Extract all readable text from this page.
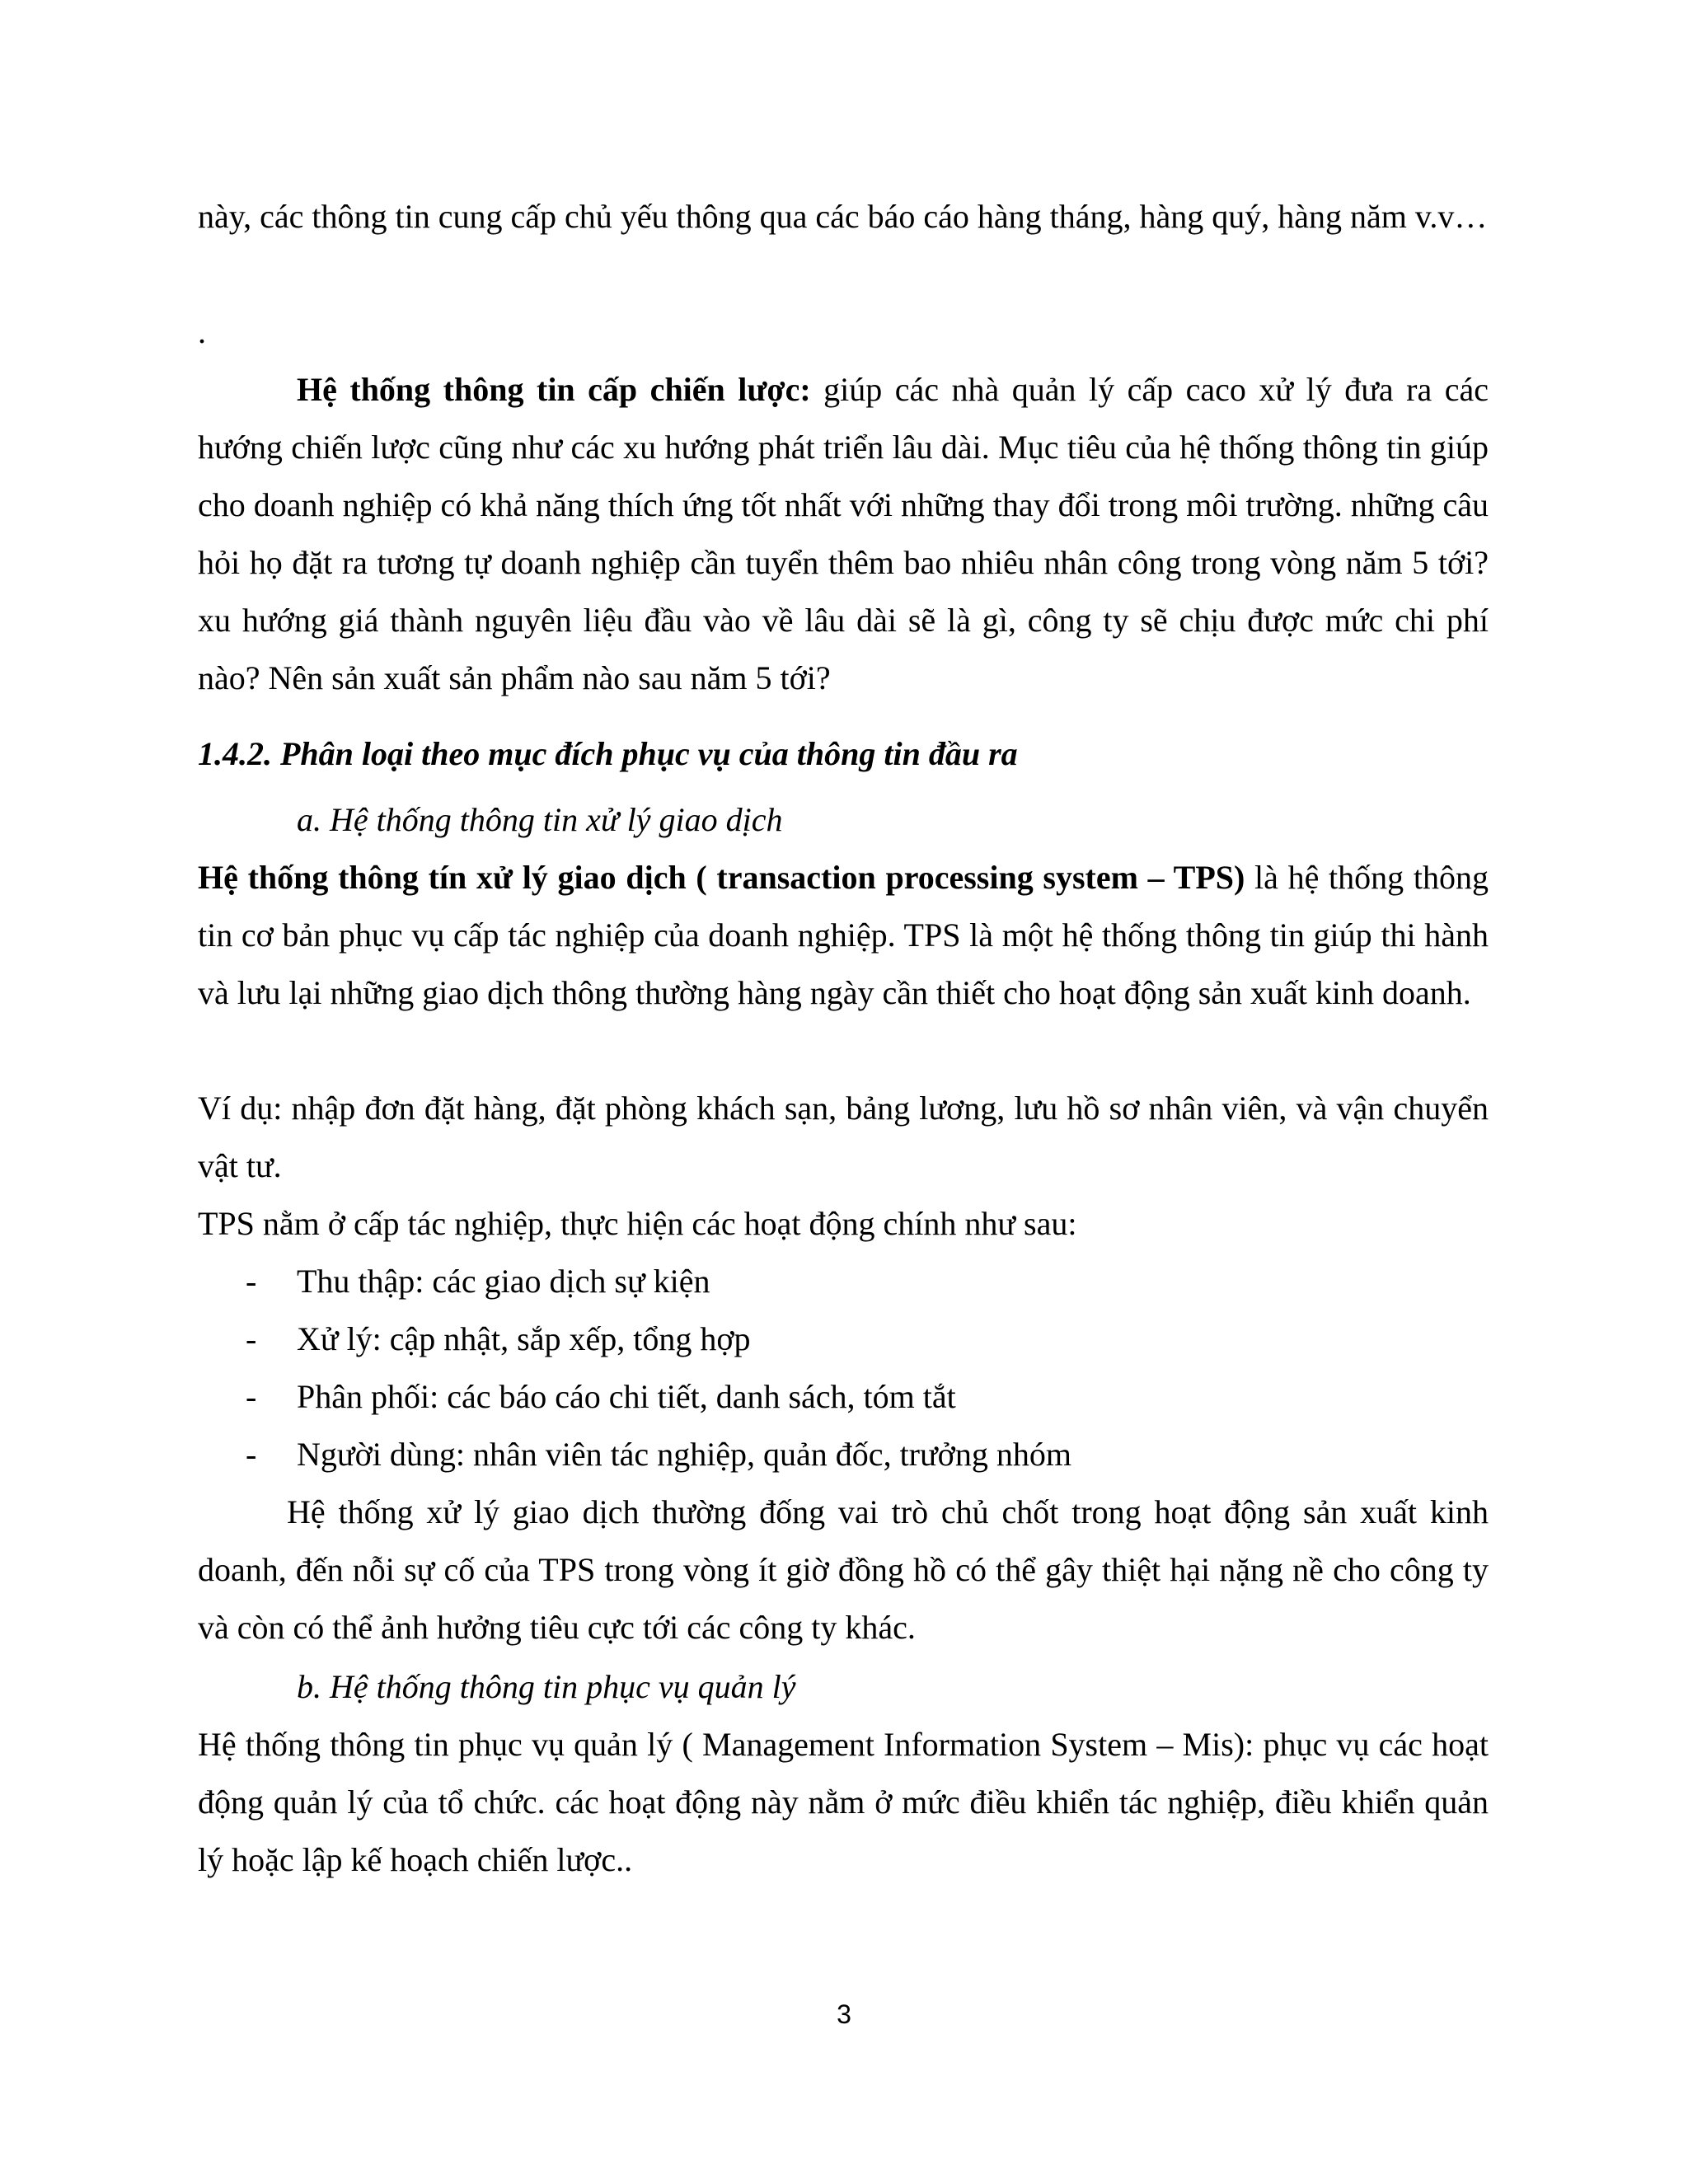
này, các thông tin cung cấp chủ yếu thông qua các báo cáo hàng tháng, hàng quý, hàng năm v.v…

.

Hệ thống thông tin cấp chiến lược: giúp các nhà quản lý cấp caco xử lý đưa ra các hướng chiến lược cũng như các xu hướng phát triển lâu dài. Mục tiêu của hệ thống thông tin giúp cho doanh nghiệp có khả năng thích ứng tốt nhất với những thay đổi trong môi trường. những câu hỏi họ đặt ra tương tự doanh nghiệp cần tuyển thêm bao nhiêu nhân công trong vòng năm 5 tới? xu hướng giá thành nguyên liệu đầu vào về lâu dài sẽ là gì, công ty sẽ chịu được mức chi phí nào? Nên sản xuất sản phẩm nào sau năm 5 tới?

1.4.2. Phân loại theo mục đích phục vụ của thông tin đầu ra

a. Hệ thống thông tin xử lý giao dịch

Hệ thống thông tín xử lý giao dịch ( transaction processing system – TPS) là hệ thống thông tin cơ bản phục vụ cấp tác nghiệp của doanh nghiệp. TPS là một hệ thống thông tin giúp thi hành và lưu lại những giao dịch thông thường hàng ngày cần thiết cho hoạt động sản xuất kinh doanh.

Ví dụ: nhập đơn đặt hàng, đặt phòng khách sạn, bảng lương, lưu hồ sơ nhân viên, và vận chuyển vật tư.

TPS nằm ở cấp tác nghiệp, thực hiện các hoạt động chính như sau:

- Thu thập: các giao dịch sự kiện
- Xử lý: cập nhật, sắp xếp, tổng hợp
- Phân phối: các báo cáo chi tiết, danh sách, tóm tắt
- Người dùng: nhân viên tác nghiệp, quản đốc, trưởng nhóm

Hệ thống xử lý giao dịch thường đống vai trò chủ chốt trong hoạt động sản xuất kinh doanh, đến nỗi sự cố của TPS trong vòng ít giờ đồng hồ có thể gây thiệt hại nặng nề cho công ty và còn có thể ảnh hưởng tiêu cực tới các công ty khác.

b. Hệ thống thông tin phục vụ quản lý

Hệ thống thông tin phục vụ quản lý ( Management Information System – Mis): phục vụ các hoạt động quản lý của tổ chức. các hoạt động này nằm ở mức điều khiển tác nghiệp, điều khiển quản lý hoặc lập kế hoạch chiến lược..

3
